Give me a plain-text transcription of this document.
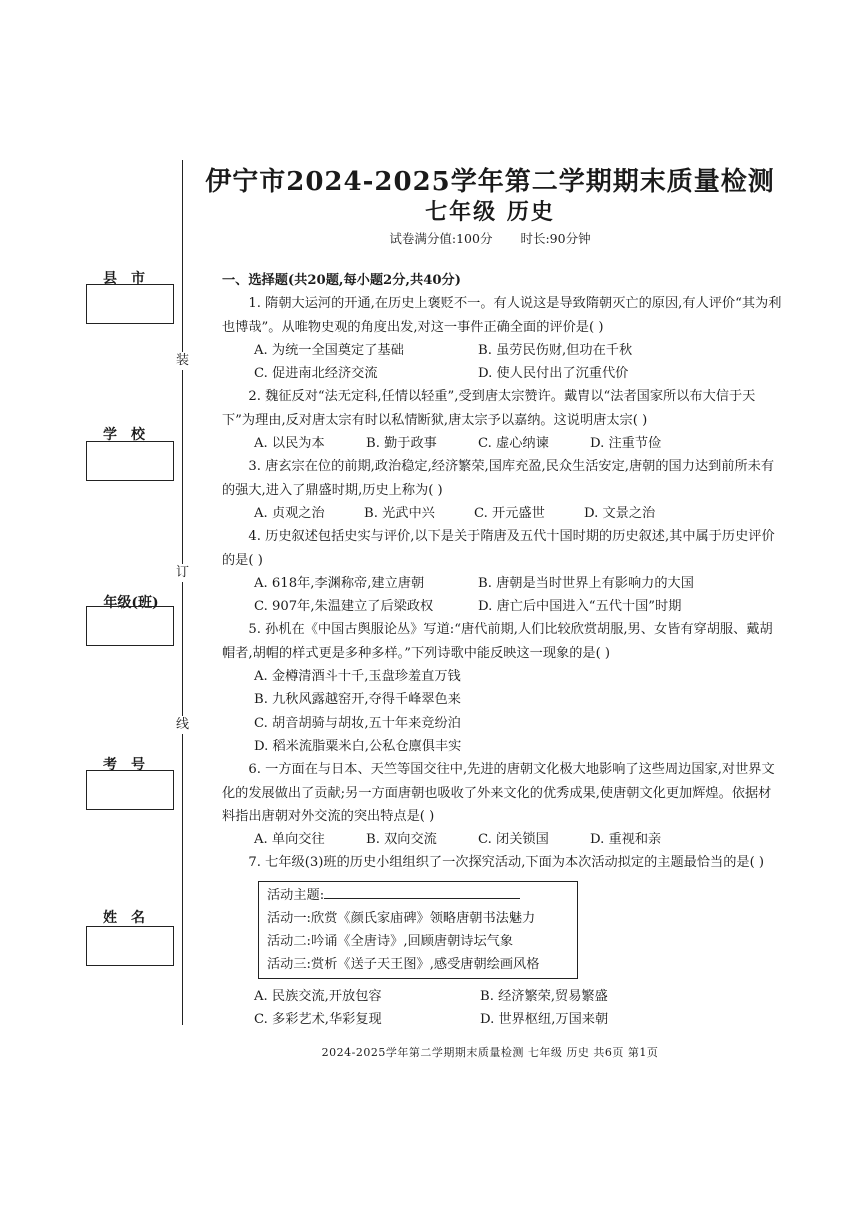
县市
学校
年级(班)
考号
姓名
装
订
线
伊宁市2024-2025学年第二学期期末质量检测
七年级 历史
试卷满分值:100分 时长:90分钟
一、选择题(共20题,每小题2分,共40分)
1. 隋朝大运河的开通,在历史上褒贬不一。有人说这是导致隋朝灭亡的原因,有人评价“其为利也博哉”。从唯物史观的角度出发,对这一事件正确全面的评价是( )
A. 为统一全国奠定了基础	B. 虽劳民伤财,但功在千秋
C. 促进南北经济交流	D. 使人民付出了沉重代价
2. 魏征反对“法无定科,任情以轻重”,受到唐太宗赞许。戴胄以“法者国家所以布大信于天下”为理由,反对唐太宗有时以私情断狱,唐太宗予以嘉纳。这说明唐太宗( )
A. 以民为本	B. 勤于政事	C. 虚心纳谏	D. 注重节俭
3. 唐玄宗在位的前期,政治稳定,经济繁荣,国库充盈,民众生活安定,唐朝的国力达到前所未有的强大,进入了鼎盛时期,历史上称为( )
A. 贞观之治	B. 光武中兴	C. 开元盛世	D. 文景之治
4. 历史叙述包括史实与评价,以下是关于隋唐及五代十国时期的历史叙述,其中属于历史评价的是( )
A. 618年,李渊称帝,建立唐朝	B. 唐朝是当时世界上有影响力的大国
C. 907年,朱温建立了后梁政权	D. 唐亡后中国进入“五代十国”时期
5. 孙机在《中国古舆服论丛》写道:“唐代前期,人们比较欣赏胡服,男、女皆有穿胡服、戴胡帽者,胡帽的样式更是多种多样。”下列诗歌中能反映这一现象的是( )
A. 金樽清酒斗十千,玉盘珍羞直万钱
B. 九秋风露越窑开,夺得千峰翠色来
C. 胡音胡骑与胡妆,五十年来竞纷泊
D. 稻米流脂粟米白,公私仓廪俱丰实
6. 一方面在与日本、天竺等国交往中,先进的唐朝文化极大地影响了这些周边国家,对世界文化的发展做出了贡献;另一方面唐朝也吸收了外来文化的优秀成果,使唐朝文化更加辉煌。依据材料指出唐朝对外交流的突出特点是( )
A. 单向交往	B. 双向交流	C. 闭关锁国	D. 重视和亲
7. 七年级(3)班的历史小组组织了一次探究活动,下面为本次活动拟定的主题最恰当的是( )
活动主题:
活动一:欣赏《颜氏家庙碑》领略唐朝书法魅力
活动二:吟诵《全唐诗》,回顾唐朝诗坛气象
活动三:赏析《送子天王图》,感受唐朝绘画风格
A. 民族交流,开放包容	B. 经济繁荣,贸易繁盛
C. 多彩艺术,华彩复现	D. 世界枢纽,万国来朝
2024-2025学年第二学期期末质量检测 七年级 历史 共6页 第1页
